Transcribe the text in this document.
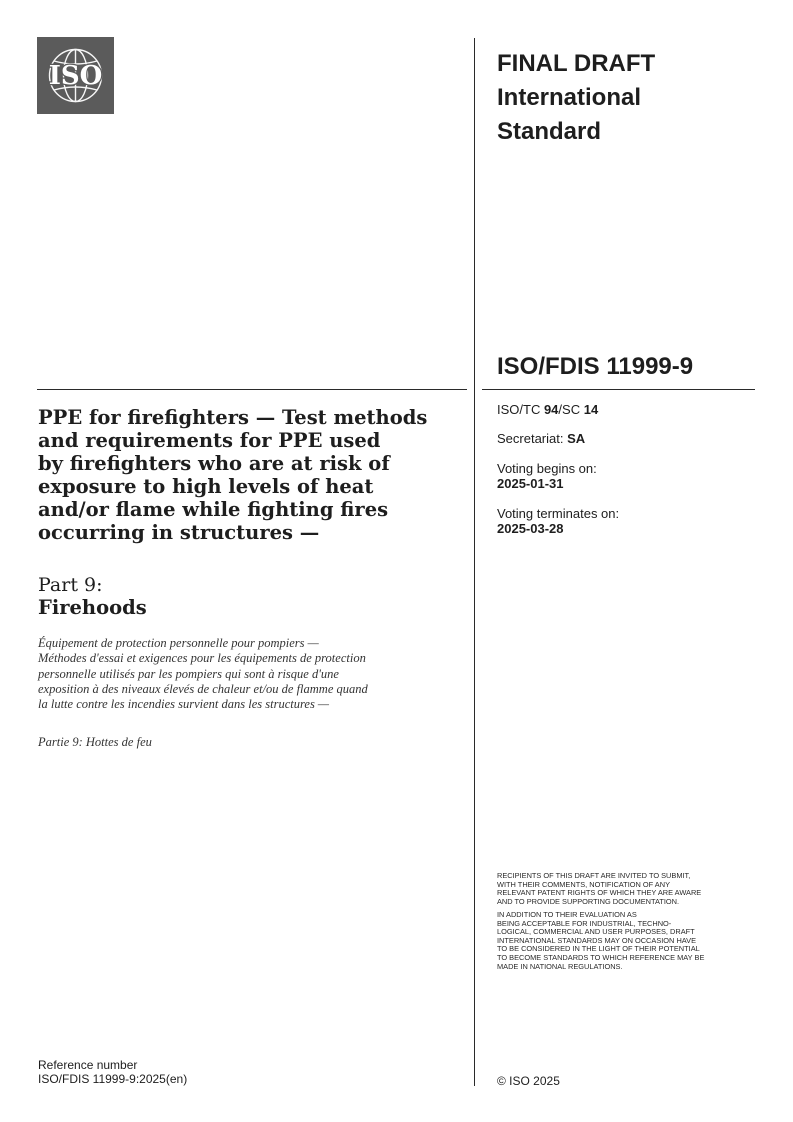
ISO	FINAL DRAFT
International
Standard
ISO/FDIS 11999-9
ISO/TC 94/SC 14
Secretariat: SA
Voting begins on:
2025-01-31
Voting terminates on:
2025-03-28
PPE for firefighters — Test methods
and requirements for PPE used
by firefighters who are at risk of
exposure to high levels of heat
and/or flame while fighting fires
occurring in structures —
Part 9:
Firehoods
Équipement de protection personnelle pour pompiers —
Méthodes d'essai et exigences pour les équipements de protection
personnelle utilisés par les pompiers qui sont à risque d'une
exposition à des niveaux élevés de chaleur et/ou de flamme quand
la lutte contre les incendies survient dans les structures —
Partie 9: Hottes de feu
RECIPIENTS OF THIS DRAFT ARE INVITED TO SUBMIT,
WITH THEIR COMMENTS, NOTIFICATION OF ANY
RELEVANT PATENT RIGHTS OF WHICH THEY ARE AWARE
AND TO PROVIDE SUPPORTING DOCUMENTATION.
IN ADDITION TO THEIR EVALUATION AS
BEING ACCEPTABLE FOR INDUSTRIAL, TECHNO-
LOGICAL, COMMERCIAL AND USER PURPOSES, DRAFT
INTERNATIONAL STANDARDS MAY ON OCCASION HAVE
TO BE CONSIDERED IN THE LIGHT OF THEIR POTENTIAL
TO BECOME STANDARDS TO WHICH REFERENCE MAY BE
MADE IN NATIONAL REGULATIONS.
Reference number
ISO/FDIS 11999-9:2025(en)	© ISO 2025
